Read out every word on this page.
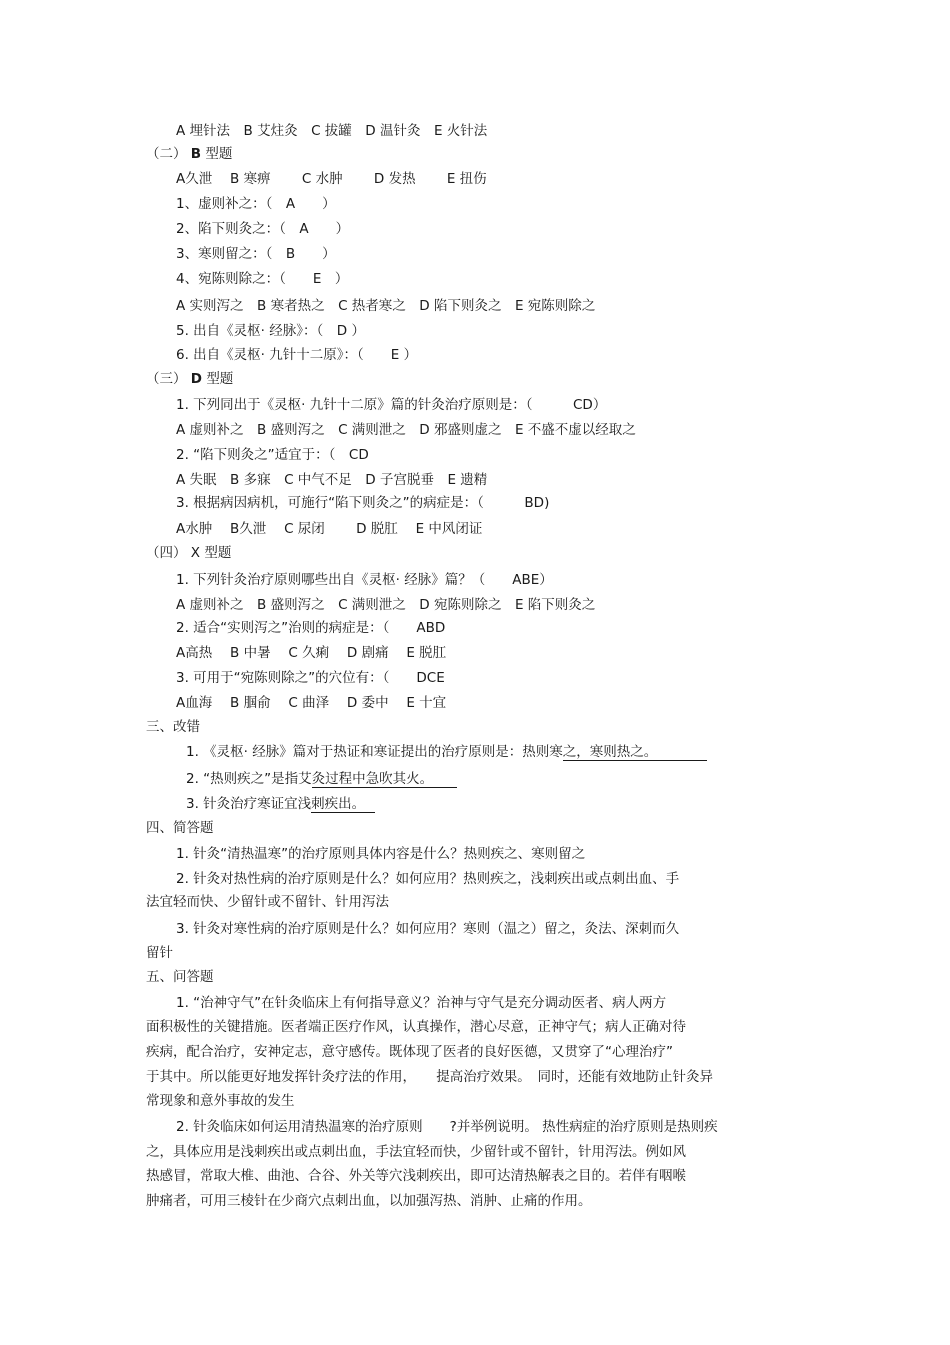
A 埋针法　B 艾炷灸　C 拔罐　D 温针灸　E 火针法
（二） B 型题
A久泄　 B 寒痹　　 C 水肿　　 D 发热　　 E 扭伤
1、虚则补之：（　A　　）
2、陷下则灸之：（　A　　）
3、寒则留之：（　B　　）
4、宛陈则除之：（　　E　）
A 实则泻之　B 寒者热之　C 热者寒之　D 陷下则灸之　E 宛陈则除之
5. 出自《灵枢· 经脉》：（　D ）
6. 出自《灵枢· 九针十二原》：（　　E ）
（三） D 型题
1. 下列同出于《灵枢· 九针十二原》篇的针灸治疗原则是：（　　　CD）
A 虚则补之　B 盛则泻之　C 满则泄之　D 邪盛则虚之　E 不盛不虚以经取之
2. “陷下则灸之”适宜于：（　CD
A 失眠　B 多寐　C 中气不足　D 子宫脱垂　E 遗精
3. 根据病因病机，可施行“陷下则灸之”的病症是：（　　　BD)
A水肿　 B久泄　 C 尿闭　　 D 脱肛　 E 中风闭证
（四） X 型题
1. 下列针灸治疗原则哪些出自《灵枢· 经脉》篇？（　　ABE）
A 虚则补之　B 盛则泻之　C 满则泄之　D 宛陈则除之　E 陷下则灸之
2. 适合“实则泻之”治则的病症是：（　　ABD
A高热　 B 中暑　 C 久痢　 D 剧痛　 E 脱肛
3. 可用于“宛陈则除之”的穴位有：（　　DCE
A血海　 B 腘俞　 C 曲泽　 D 委中　 E 十宜
三、改错
1. 《灵枢· 经脉》篇对于热证和寒证提出的治疗原则是：热则寒之，寒则热之。
2. “热则疾之”是指艾灸过程中急吹其火。
3. 针灸治疗寒证宜浅刺疾出。
四、简答题
1. 针灸“清热温寒”的治疗原则具体内容是什么？热则疾之、寒则留之
2. 针灸对热性病的治疗原则是什么？如何应用？热则疾之，浅刺疾出或点刺出血、手
法宜轻而快、少留针或不留针、针用泻法
3. 针灸对寒性病的治疗原则是什么？如何应用？寒则（温之）留之，灸法、深刺而久
留针
五、问答题
1. “治神守气”在针灸临床上有何指导意义？治神与守气是充分调动医者、病人两方
面积极性的关键措施。医者端正医疗作风，认真操作，潜心尽意，正神守气；病人正确对待
疾病，配合治疗，安神定志，意守感传。既体现了医者的良好医德，又贯穿了“心理治疗”
于其中。所以能更好地发挥针灸疗法的作用，　　提高治疗效果。　同时，还能有效地防止针灸异
常现象和意外事故的发生
2. 针灸临床如何运用清热温寒的治疗原则　　?并举例说明。 热性病症的治疗原则是热则疾
之，具体应用是浅刺疾出或点刺出血，手法宜轻而快，少留针或不留针，针用泻法。例如风
热感冒，常取大椎、曲池、合谷、外关等穴浅刺疾出，即可达清热解表之目的。若伴有咽喉
肿痛者，可用三棱针在少商穴点刺出血，以加强泻热、消肿、止痛的作用。
